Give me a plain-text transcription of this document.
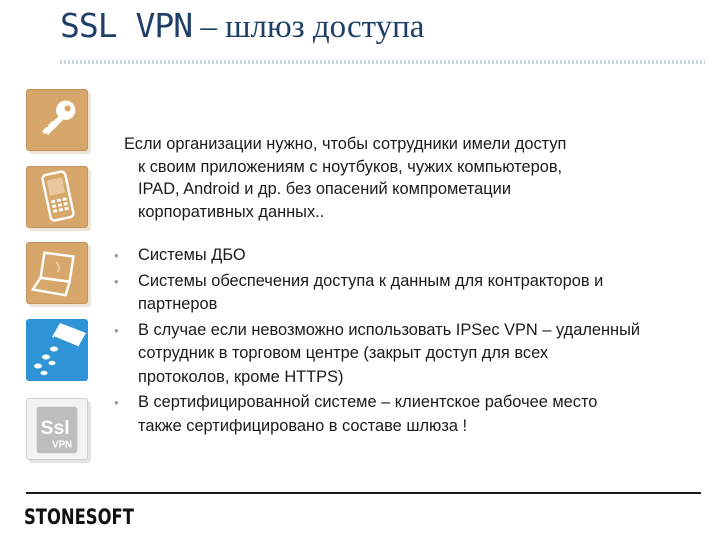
SSL VPN – шлюз доступа
Ssl
VPN
Если организации нужно, чтобы сотрудники имели доступ
к своим приложениям с ноутбуков, чужих компьютеров,
IPAD, Android и др. без опасений компрометации
корпоративных данных..
• Системы ДБО
• Системы обеспечения доступа к данным для контракторов и
партнеров
• В случае если невозможно использовать IPSec VPN – удаленный
сотрудник в торговом центре (закрыт доступ для всех
протоколов, кроме HTTPS)
• В сертифицированной системе – клиентское рабочее место
также сертифицировано в составе шлюза !
STONESOFT
